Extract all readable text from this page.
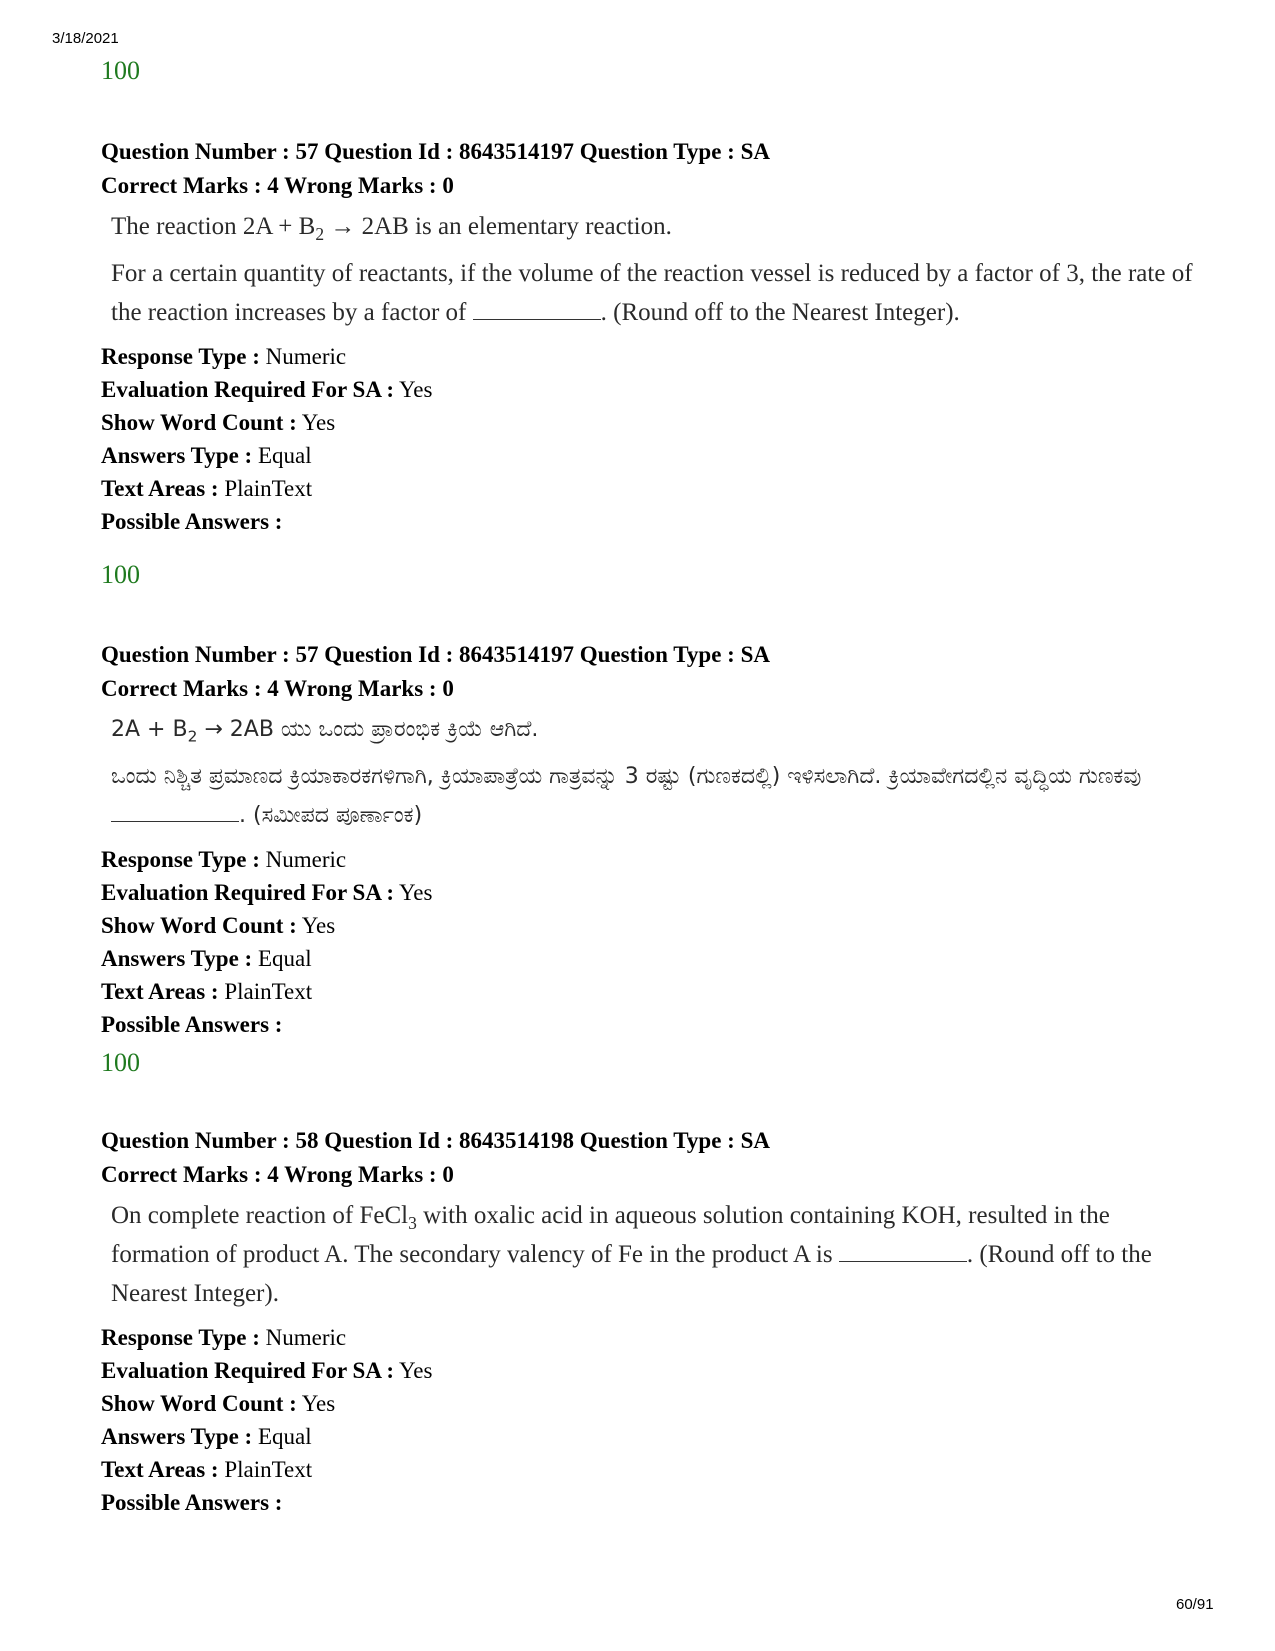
3/18/2021
100
Question Number : 57 Question Id : 8643514197 Question Type : SA
Correct Marks : 4 Wrong Marks : 0

The reaction $2A + B_2 \to 2AB$ is an elementary reaction.

For a certain quantity of reactants, if the volume of the reaction vessel is reduced by a factor of 3, the rate of the reaction increases by a factor of	. (Round off to the Nearest Integer).

Response Type : Numeric
Evaluation Required For SA : Yes
Show Word Count : Yes
Answers Type : Equal
Text Areas : PlainText
Possible Answers :
100
Question Number : 57 Question Id : 8643514197 Question Type : SA
Correct Marks : 4 Wrong Marks : 0

$2A + B_2 \to 2AB$ ಯು ಒಂದು ಪ್ರಾರಂಭಿಕ ಕ್ರಿಯೆ ಆಗಿದೆ.

ಒಂದು ನಿಶ್ಚಿತ ಪ್ರಮಾಣದ ಕ್ರಿಯಾಕಾರಕಗಳಿಗಾಗಿ, ಕ್ರಿಯಾಪಾತ್ರೆಯ ಗಾತ್ರವನ್ನು 3 ರಷ್ಟು (ಗುಣಕದಲ್ಲಿ) ಇಳಿಸಲಾಗಿದೆ. ಕ್ರಿಯಾವೇಗದಲ್ಲಿನ ವೃದ್ಧಿಯ ಗುಣಕವು . (ಸಮೀಪದ ಪೂರ್ಣಾಂಕ)

Response Type : Numeric
Evaluation Required For SA : Yes
Show Word Count : Yes
Answers Type : Equal
Text Areas : PlainText
Possible Answers :
100
Question Number : 58 Question Id : 8643514198 Question Type : SA
Correct Marks : 4 Wrong Marks : 0

On complete reaction of FeCl$_3$ with oxalic acid in aqueous solution containing KOH, resulted in the formation of product A. The secondary valency of Fe in the product A is	. (Round off to the Nearest Integer).

Response Type : Numeric
Evaluation Required For SA : Yes
Show Word Count : Yes
Answers Type : Equal
Text Areas : PlainText
Possible Answers :
60/91
